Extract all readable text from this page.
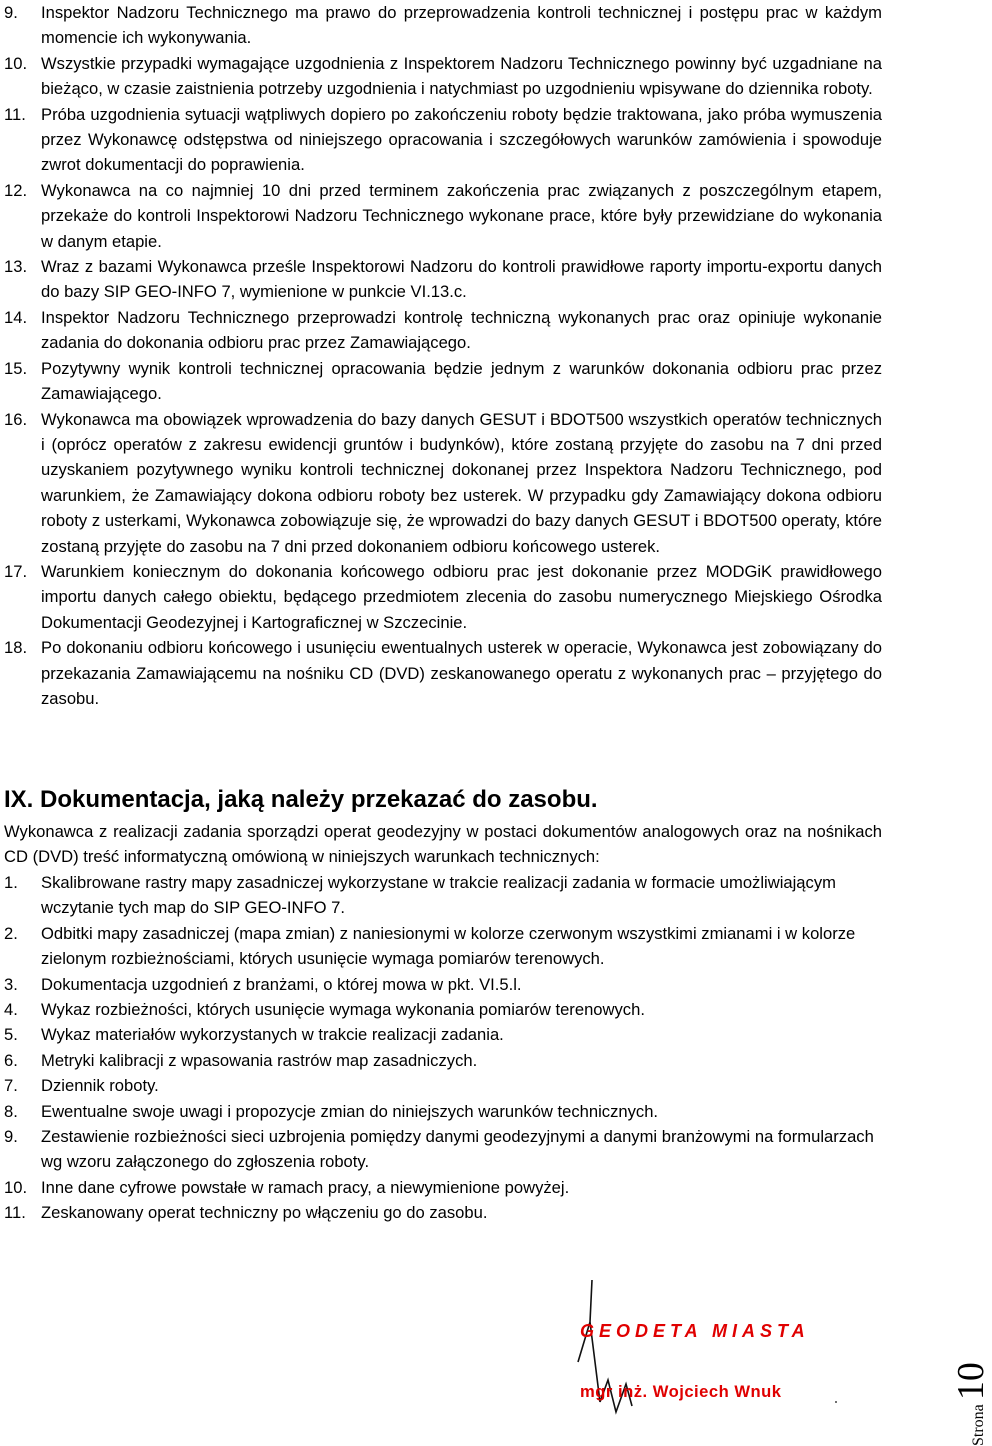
9. Inspektor Nadzoru Technicznego ma prawo do przeprowadzenia kontroli technicznej i postępu prac w każdym momencie ich wykonywania.
10. Wszystkie przypadki wymagające uzgodnienia z Inspektorem Nadzoru Technicznego powinny być uzgadniane na bieżąco, w czasie zaistnienia potrzeby uzgodnienia i natychmiast po uzgodnieniu wpisywane do dziennika roboty.
11. Próba uzgodnienia sytuacji wątpliwych dopiero po zakończeniu roboty będzie traktowana, jako próba wymuszenia przez Wykonawcę odstępstwa od niniejszego opracowania i szczegółowych warunków zamówienia i spowoduje zwrot dokumentacji do poprawienia.
12. Wykonawca na co najmniej 10 dni przed terminem zakończenia prac związanych z poszczególnym etapem, przekaże do kontroli Inspektorowi Nadzoru Technicznego wykonane prace, które były przewidziane do wykonania w danym etapie.
13. Wraz z bazami Wykonawca prześle Inspektorowi Nadzoru do kontroli prawidłowe raporty importu-exportu danych do bazy SIP GEO-INFO 7, wymienione w punkcie VI.13.c.
14. Inspektor Nadzoru Technicznego przeprowadzi kontrolę techniczną wykonanych prac oraz opiniuje wykonanie zadania do dokonania odbioru prac przez Zamawiającego.
15. Pozytywny wynik kontroli technicznej opracowania będzie jednym z warunków dokonania odbioru prac przez Zamawiającego.
16. Wykonawca ma obowiązek wprowadzenia do bazy danych GESUT i BDOT500 wszystkich operatów technicznych i (oprócz operatów z zakresu ewidencji gruntów i budynków), które zostaną przyjęte do zasobu na 7 dni przed uzyskaniem pozytywnego wyniku kontroli technicznej dokonanej przez Inspektora Nadzoru Technicznego, pod warunkiem, że Zamawiający dokona odbioru roboty bez usterek. W przypadku gdy Zamawiający dokona odbioru roboty z usterkami, Wykonawca zobowiązuje się, że wprowadzi do bazy danych GESUT i BDOT500 operaty, które zostaną przyjęte do zasobu na 7 dni przed dokonaniem odbioru końcowego usterek.
17. Warunkiem koniecznym do dokonania końcowego odbioru prac jest dokonanie przez MODGiK prawidłowego importu danych całego obiektu, będącego przedmiotem zlecenia do zasobu numerycznego Miejskiego Ośrodka Dokumentacji Geodezyjnej i Kartograficznej w Szczecinie.
18. Po dokonaniu odbioru końcowego i usunięciu ewentualnych usterek w operacie, Wykonawca jest zobowiązany do przekazania Zamawiającemu na nośniku CD (DVD) zeskanowanego operatu z wykonanych prac – przyjętego do zasobu.
IX. Dokumentacja, jaką należy przekazać do zasobu.

Wykonawca z realizacji zadania sporządzi operat geodezyjny w postaci dokumentów analogowych oraz na nośnikach CD (DVD) treść informatyczną omówioną w niniejszych warunkach technicznych:

1. Skalibrowane rastry mapy zasadniczej wykorzystane w trakcie realizacji zadania w formacie umożliwiającym wczytanie tych map do SIP GEO-INFO 7.
2. Odbitki mapy zasadniczej (mapa zmian) z naniesionymi w kolorze czerwonym wszystkimi zmianami i w kolorze zielonym rozbieżnościami, których usunięcie wymaga pomiarów terenowych.
3. Dokumentacja uzgodnień z branżami, o której mowa w pkt. VI.5.l.
4. Wykaz rozbieżności, których usunięcie wymaga wykonania pomiarów terenowych.
5. Wykaz materiałów wykorzystanych w trakcie realizacji zadania.
6. Metryki kalibracji z wpasowania rastrów map zasadniczych.
7. Dziennik roboty.
8. Ewentualne swoje uwagi i propozycje zmian do niniejszych warunków technicznych.
9. Zestawienie rozbieżności sieci uzbrojenia pomiędzy danymi geodezyjnymi a danymi branżowymi na formularzach wg wzoru załączonego do zgłoszenia roboty.
10. Inne dane cyfrowe powstałe w ramach pracy, a niewymienione powyżej.
11. Zeskanowany operat techniczny po włączeniu go do zasobu.
GEODETA MIASTA
mgr inż. Wojciech Wnuk
Strona 10
